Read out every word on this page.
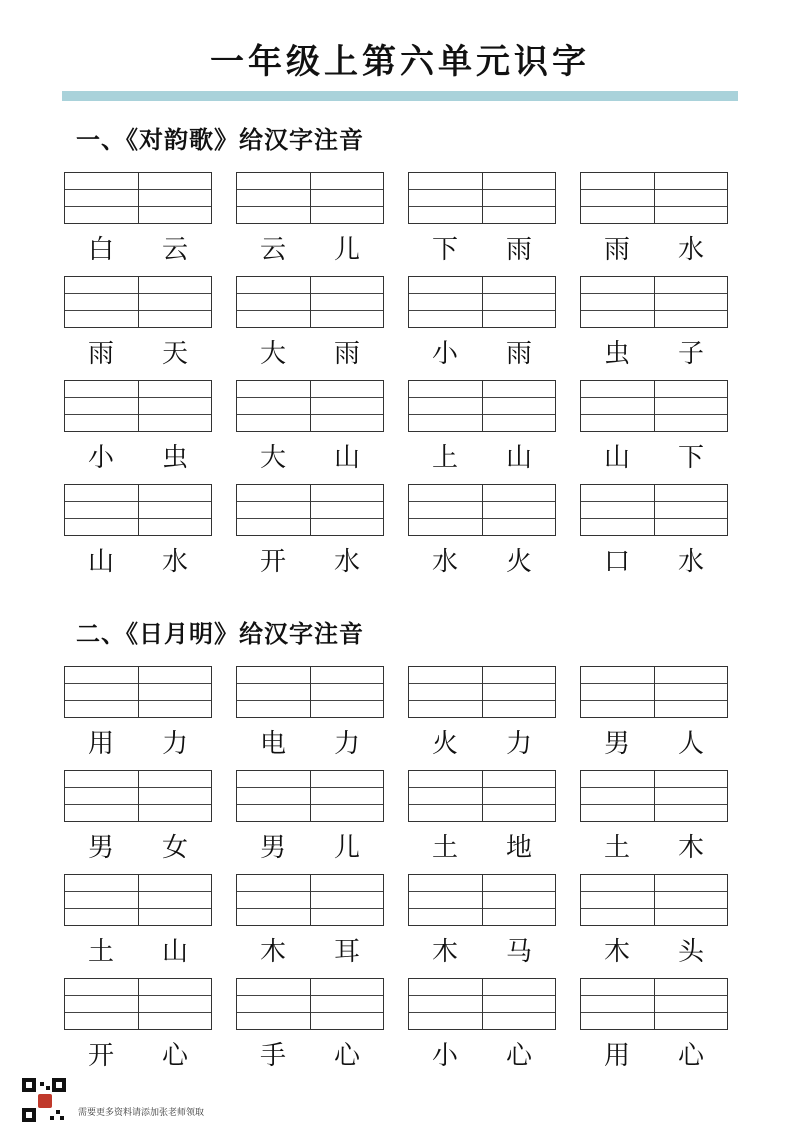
一年级上第六单元识字
一、《对韵歌》给汉字注音
白	云	云	儿	下	雨	雨	水
雨	天	大	雨	小	雨	虫	子
小	虫	大	山	上	山	山	下
山	水	开	水	水	火	口	水
二、《日月明》给汉字注音
用	力	电	力	火	力	男	人
男	女	男	儿	土	地	土	木
土	山	木	耳	木	马	木	头
开	心	手	心	小	心	用	心
需要更多资料请添加张老师领取
